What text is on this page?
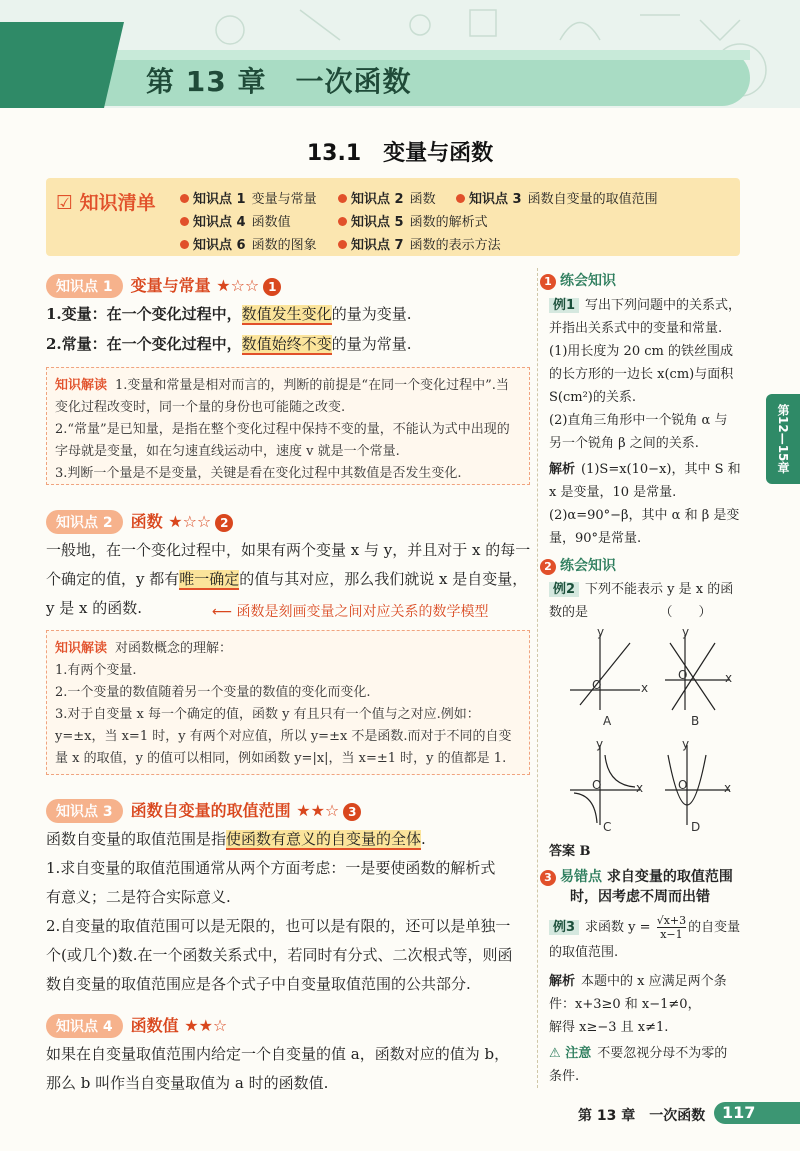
第 13 章　一次函数
13.1　变量与函数
☑ 知识清单	知识点 1 变量与常量	知识点 2 函数	知识点 3 函数自变量的取值范围
知识点 4 函数值	知识点 5 函数的解析式
知识点 6 函数的图象	知识点 7 函数的表示方法
知识点 1 变量与常量 ★☆☆ 1
1.变量：在一个变化过程中，数值发生变化的量为变量.
2.常量：在一个变化过程中，数值始终不变的量为常量.
知识解读 1.变量和常量是相对而言的，判断的前提是“在同一个变化过程中”.当变化过程改变时，同一个量的身份也可能随之改变.
2.“常量”是已知量，是指在整个变化过程中保持不变的量，不能认为式中出现的字母就是变量，如在匀速直线运动中，速度 v 就是一个常量.
3.判断一个量是不是变量，关键是看在变化过程中其数值是否发生变化.
知识点 2 函数 ★☆☆ 2
一般地，在一个变化过程中，如果有两个变量 x 与 y，并且对于 x 的每一
个确定的值，y 都有唯一确定的值与其对应，那么我们就说 x 是自变量，
y 是 x 的函数.	⟵ 函数是刻画变量之间对应关系的数学模型
知识解读 对函数概念的理解：
1.有两个变量.
2.一个变量的数值随着另一个变量的数值的变化而变化.
3.对于自变量 x 每一个确定的值，函数 y 有且只有一个值与之对应.例如：y=±x，当 x=1 时，y 有两个对应值，所以 y=±x 不是函数.而对于不同的自变量 x 的取值，y 的值可以相同，例如函数 y=|x|，当 x=±1 时，y 的值都是 1.
知识点 3 函数自变量的取值范围 ★★☆ 3
函数自变量的取值范围是指使函数有意义的自变量的全体.
1.求自变量的取值范围通常从两个方面考虑：一是要使函数的解析式
有意义；二是符合实际意义.
2.自变量的取值范围可以是无限的，也可以是有限的，还可以是单独一
个(或几个)数.在一个函数关系式中，若同时有分式、二次根式等，则函
数自变量的取值范围应是各个式子中自变量取值范围的公共部分.
知识点 4 函数值 ★★☆
如果在自变量取值范围内给定一个自变量的值 a，函数对应的值为 b，
那么 b 叫作当自变量取值为 a 时的函数值.
1 练会知识
例1 写出下列问题中的关系式，
并指出关系式中的变量和常量.
(1)用长度为 20 cm 的铁丝围成
的长方形的一边长 x(cm)与面积
S(cm²)的关系.
(2)直角三角形中一个锐角 α 与
另一个锐角 β 之间的关系.
解析 (1)S=x(10−x)，其中 S 和
x 是变量，10 是常量.
(2)α=90°−β，其中 α 和 β 是变
量，90°是常量.
2 练会知识
例2 下列不能表示 y 是 x 的函
数的是　　　　　　（　　）
y
x
O
y
x
O
y
x
O
y
x
O
A	B
C	D
答案 B
3 易错点 求自变量的取值范围
时，因考虑不周而出错
例3 求函数 $y = \frac{√x+3}{x-1}$ 的自变量
的取值范围.
解析 本题中的 x 应满足两个条
件：x+3≥0 和 x−1≠0，
解得 x≥−3 且 x≠1.
⚠ 注意 不要忽视分母不为零的
条件.
第12—15章
第 13 章　一次函数	117
